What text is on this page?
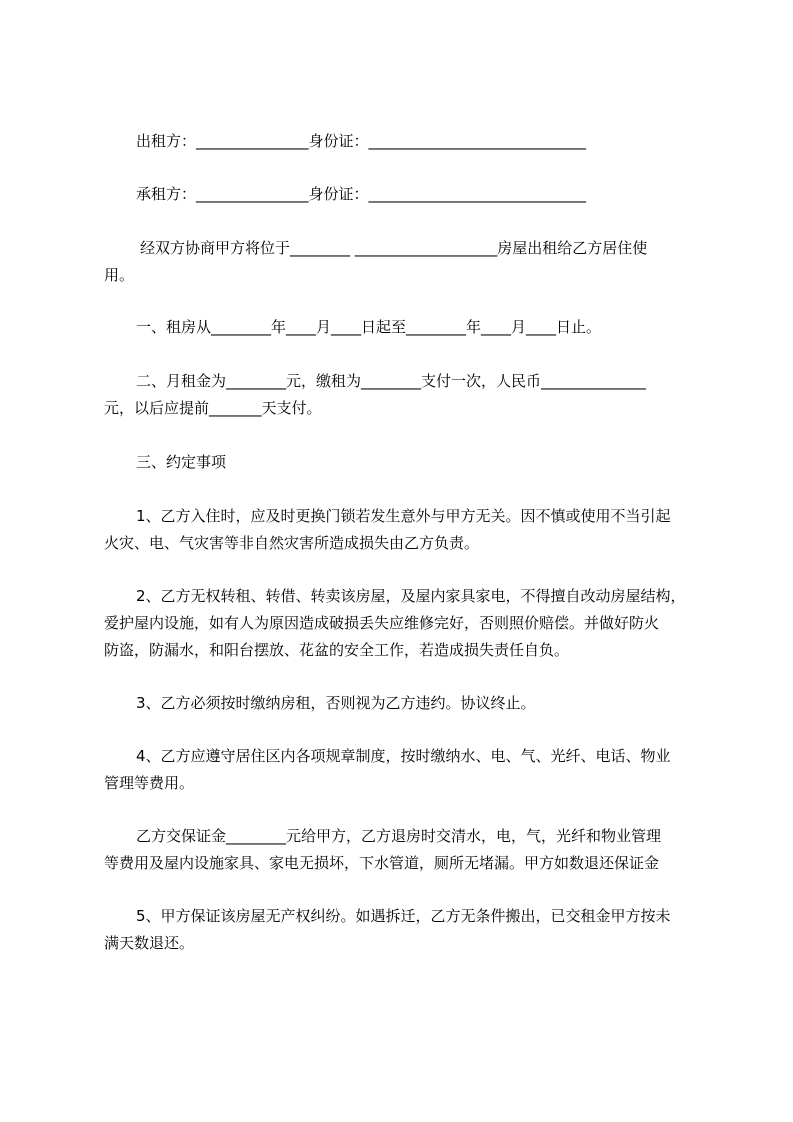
出租方：_______________身份证：_____________________________
承租方：_______________身份证：_____________________________
经双方协商甲方将位于________ ___________________房屋出租给乙方居住使
用。
一、租房从________年____月____日起至________年____月____日止。
二、月租金为________元，缴租为________支付一次，人民币______________
元，以后应提前_______天支付。
三、约定事项
1、乙方入住时，应及时更换门锁若发生意外与甲方无关。因不慎或使用不当引起
火灾、电、气灾害等非自然灾害所造成损失由乙方负责。
2、乙方无权转租、转借、转卖该房屋，及屋内家具家电，不得擅自改动房屋结构，
爱护屋内设施，如有人为原因造成破损丢失应维修完好，否则照价赔偿。并做好防火
防盗，防漏水，和阳台摆放、花盆的安全工作，若造成损失责任自负。
3、乙方必须按时缴纳房租，否则视为乙方违约。协议终止。
4、乙方应遵守居住区内各项规章制度，按时缴纳水、电、气、光纤、电话、物业
管理等费用。
乙方交保证金________元给甲方，乙方退房时交清水，电，气，光纤和物业管理
等费用及屋内设施家具、家电无损坏，下水管道，厕所无堵漏。甲方如数退还保证金
5、甲方保证该房屋无产权纠纷。如遇拆迁，乙方无条件搬出，已交租金甲方按未
满天数退还。
